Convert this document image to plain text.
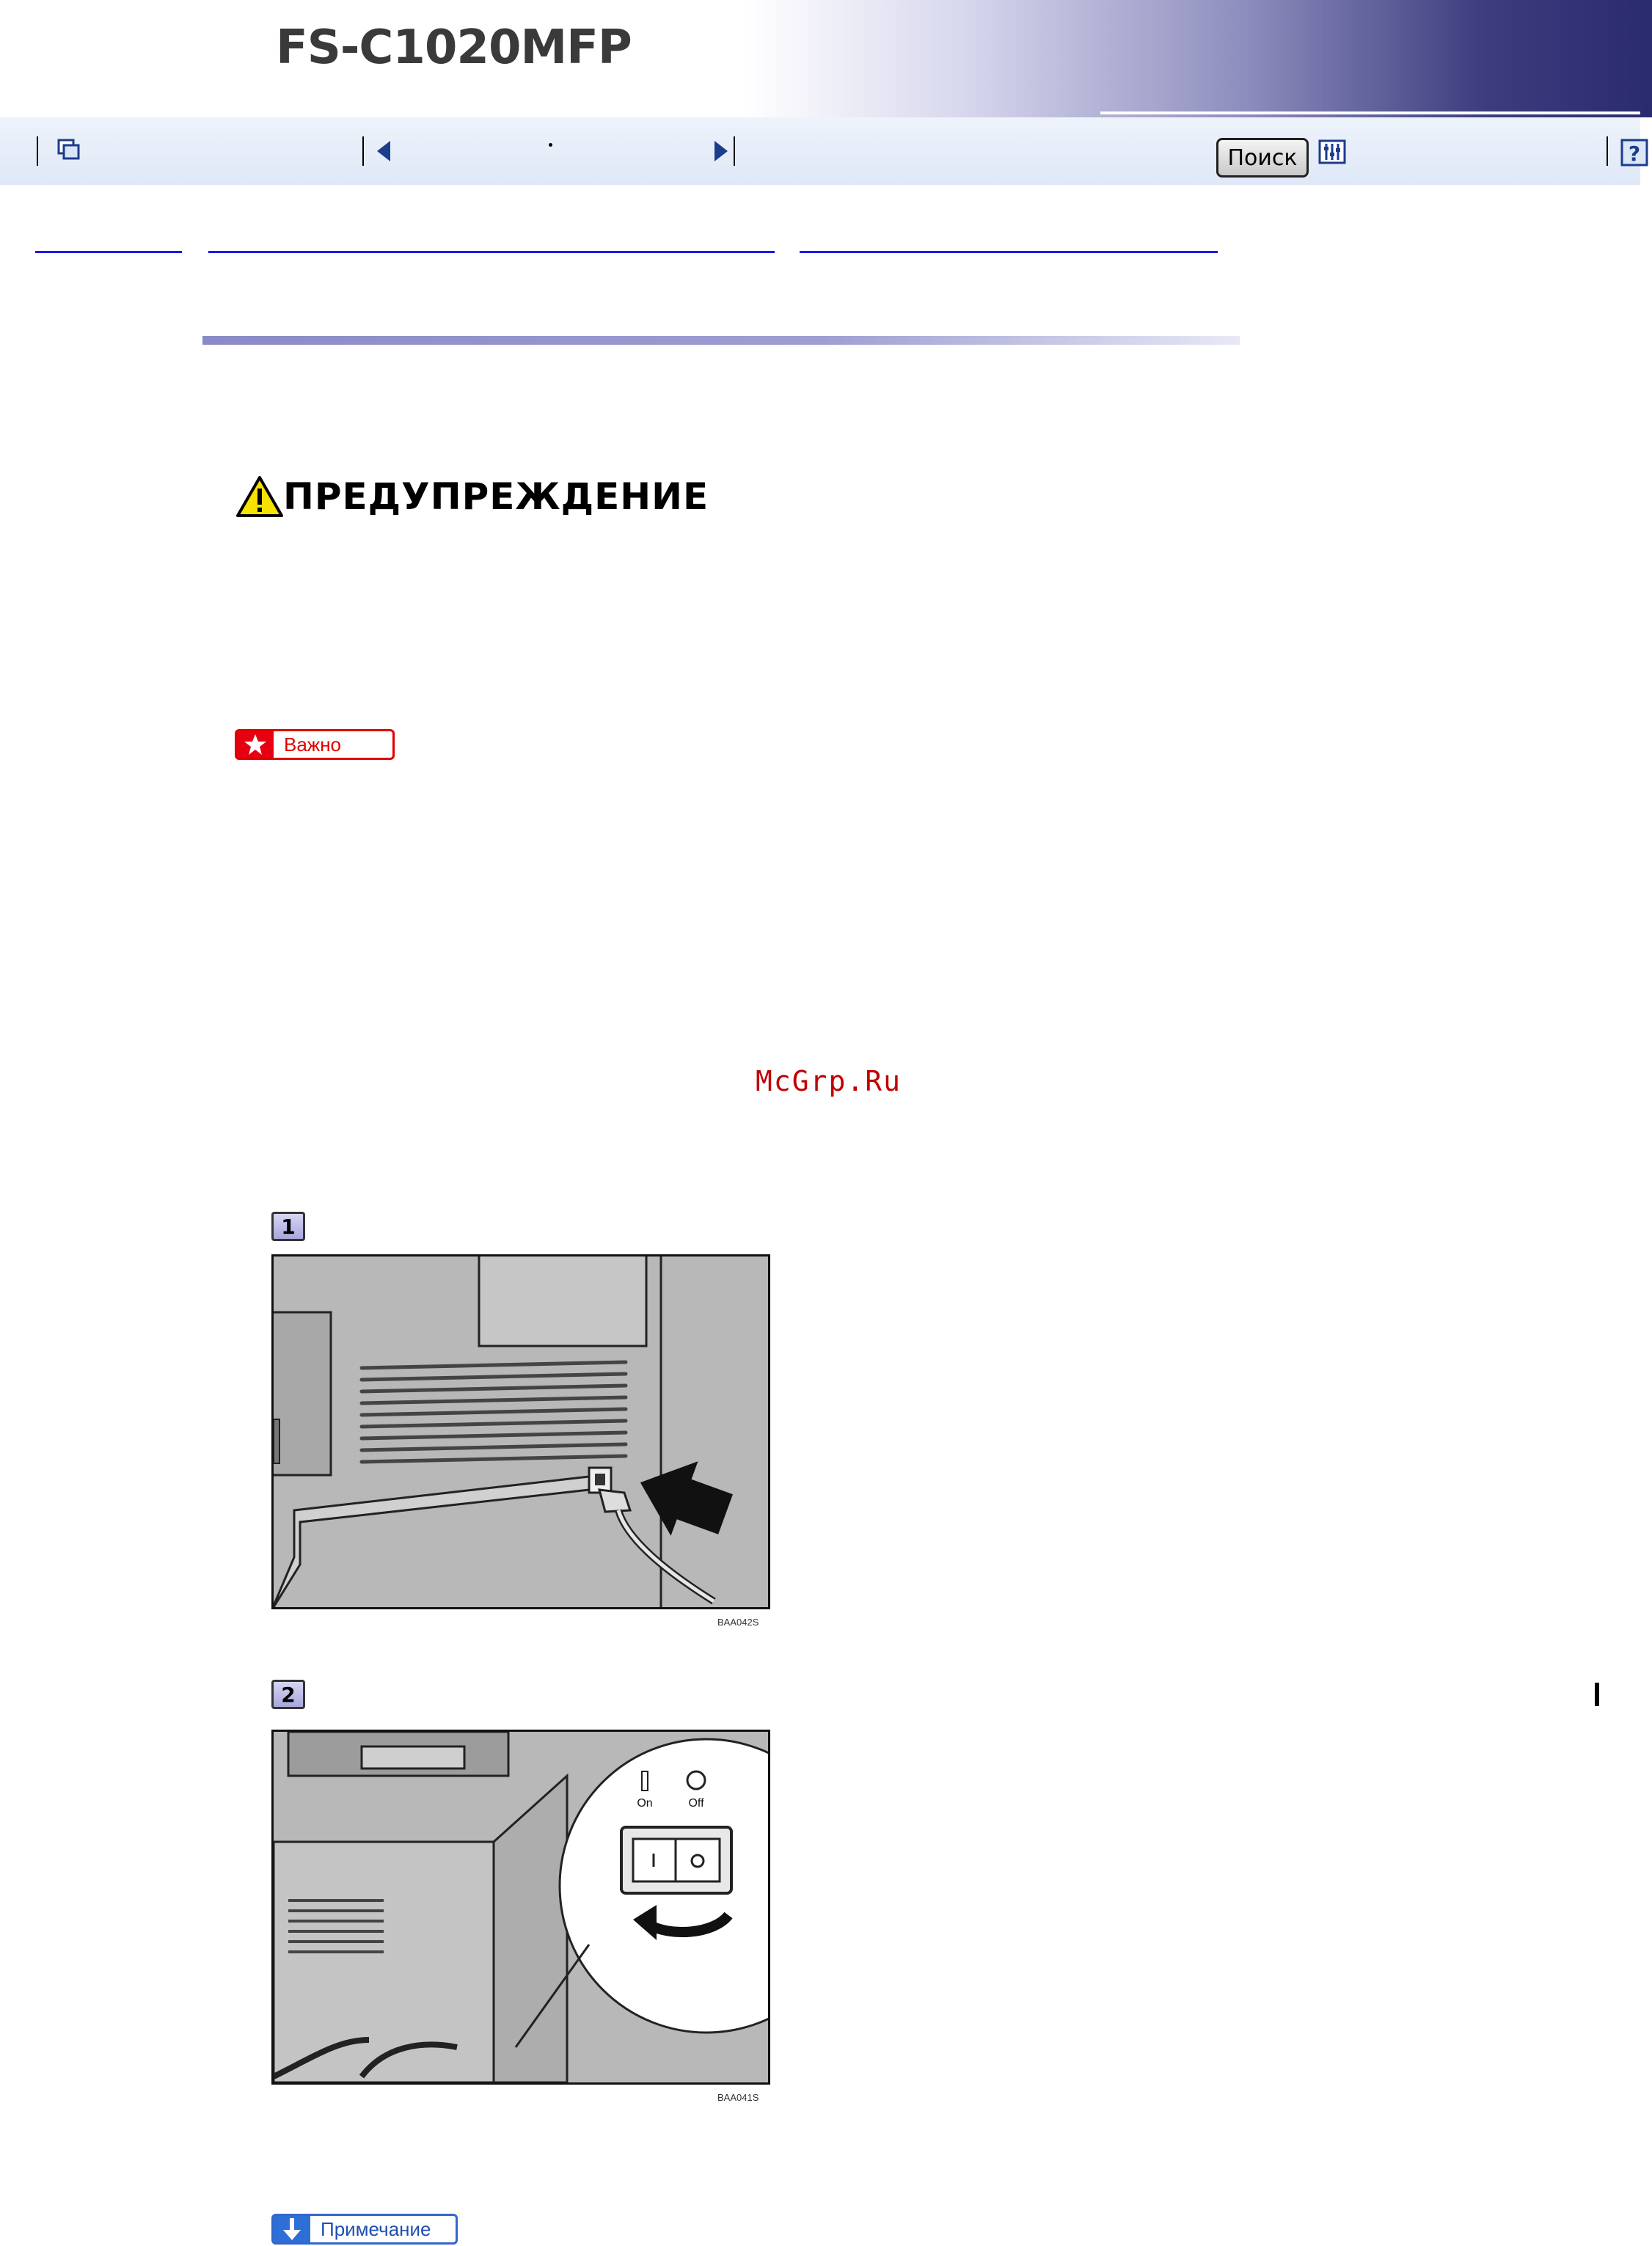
FS-C1020MFP
Поиск	?
ПРЕДУПРЕЖДЕНИЕ
Важно
McGrp.Ru
1
BAA042S
2
On	Off
BAA041S
Примечание
